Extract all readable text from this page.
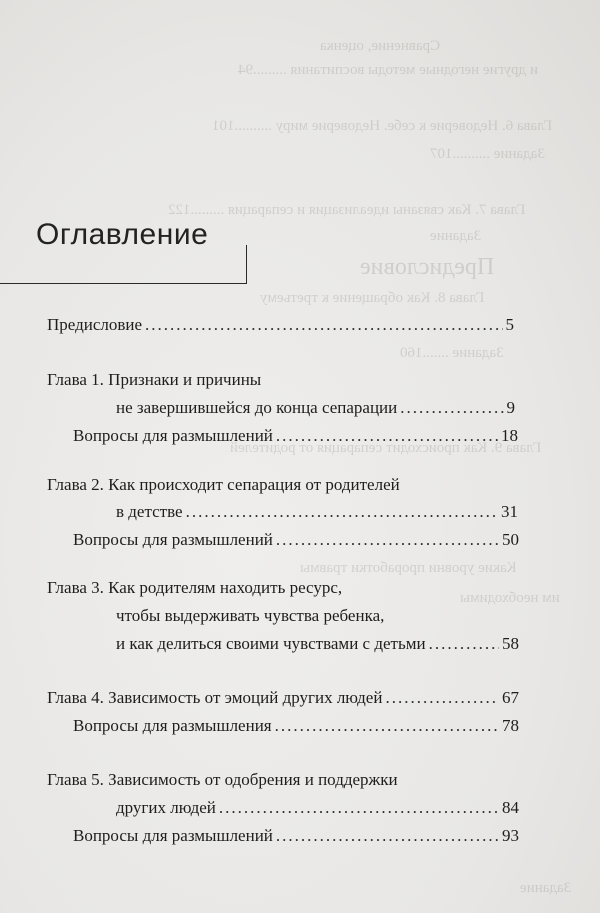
Сравнение, оценка
и другие негодные методы воспитания .........94
Глава 6. Недоверие к себе. Недоверие миру ..........101
Задание ..........107
Глава 7. Как связаны идеализация и сепарация .........122
Задание
Предисловие
Глава 8. Как обращение к третьему
Задание .......160
Глава 9. Как происходит сепарация от родителей
Какие уровни проработки травмы
им необходимы
Задание
Оглавление
Предисловие .....	5
Глава 1. Признаки и причины
не завершившейся до конца сепарации .....	9
Вопросы для размышлений .....	18
Глава 2. Как происходит сепарация от родителей
в детстве .....	31
Вопросы для размышлений .....	50
Глава 3. Как родителям находить ресурс,
чтобы выдерживать чувства ребенка,
и как делиться своими чувствами с детьми .....	58
Глава 4. Зависимость от эмоций других людей .....	67
Вопросы для размышления .....	78
Глава 5. Зависимость от одобрения и поддержки
других людей .....	84
Вопросы для размышлений .....	93
